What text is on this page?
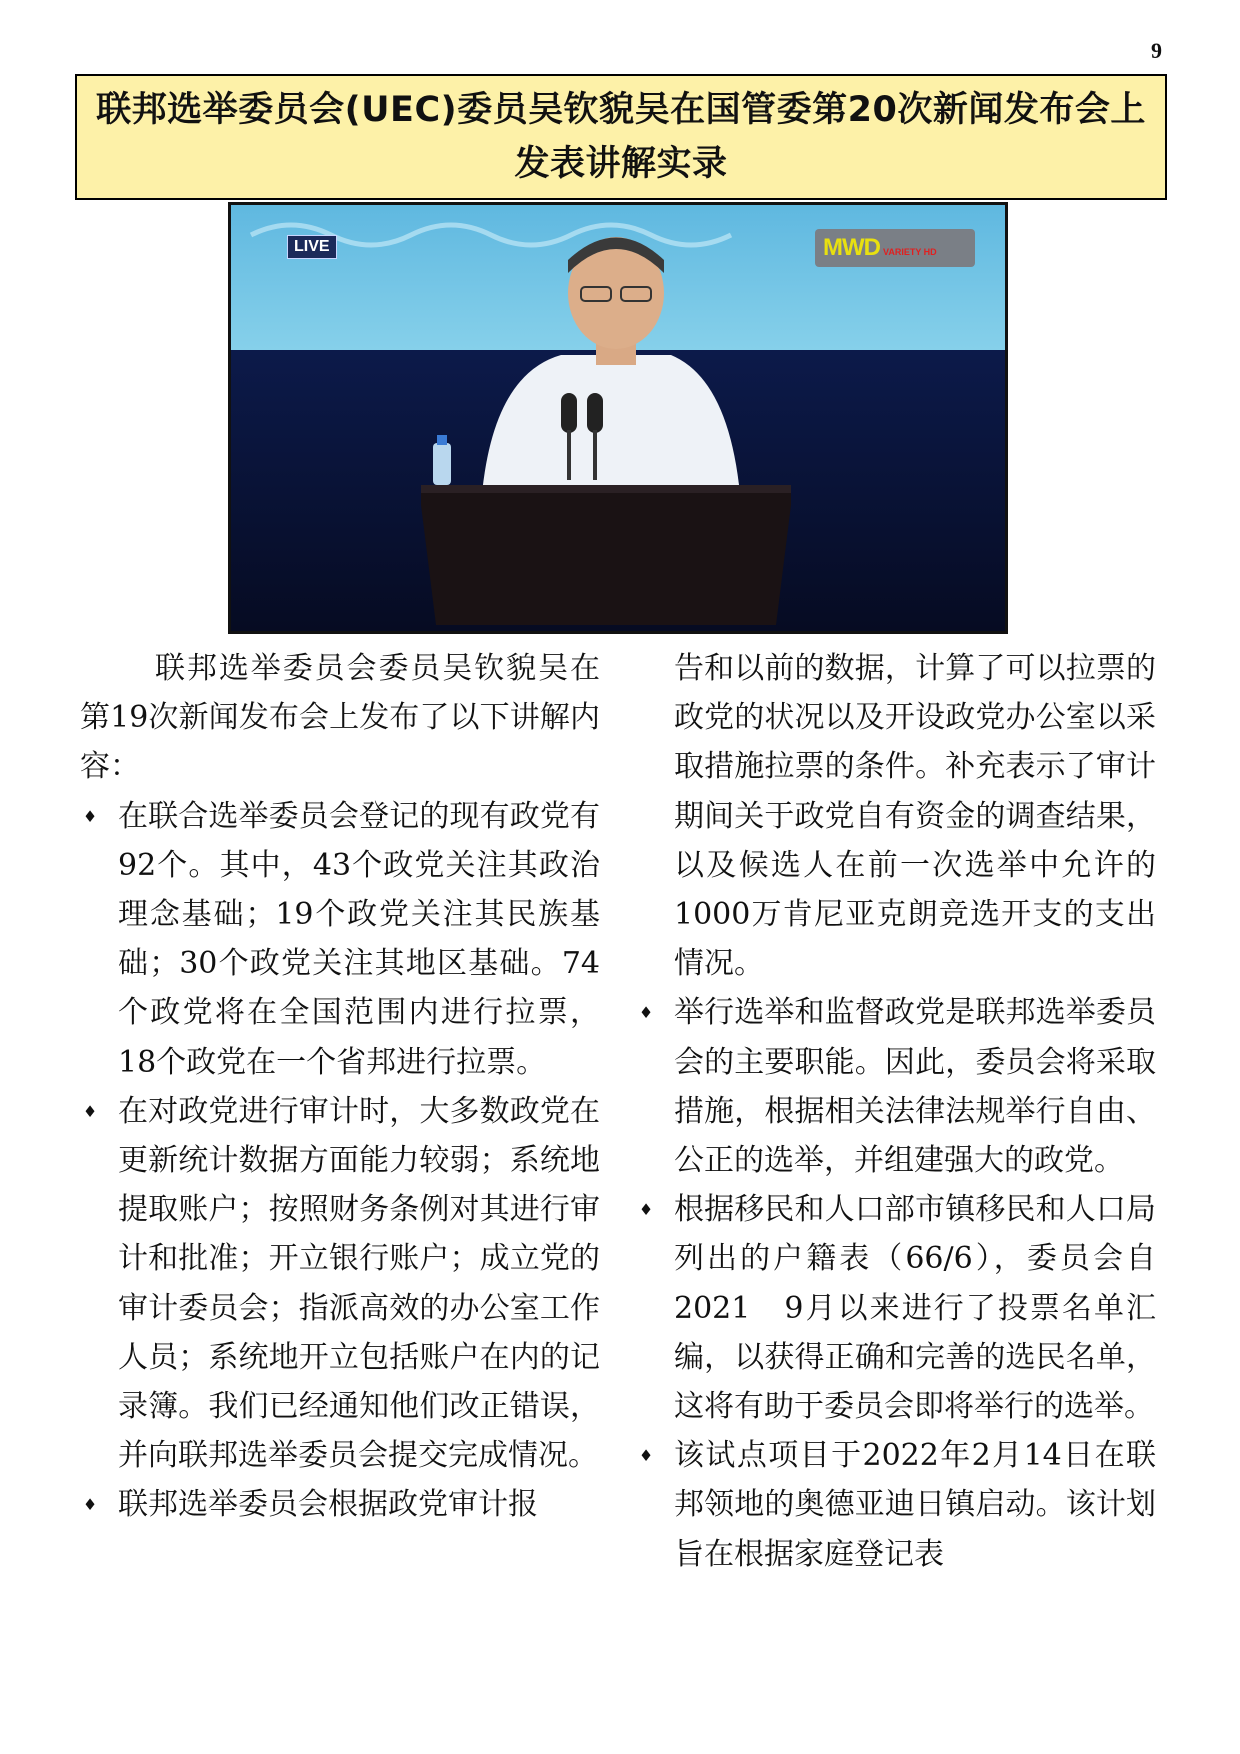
9
联邦选举委员会(UEC)委员吴钦貌吴在国管委第20次新闻发布会上发表讲解实录
LIVE	MWD VARIETY HD

联邦选举委员会委员吴钦貌吴在第19次新闻发布会上发布了以下讲解内容：

♦ 在联合选举委员会登记的现有政党有92个。其中，43个政党关注其政治理念基础；19个政党关注其民族基础；30个政党关注其地区基础。74个政党将在全国范围内进行拉票，18个政党在一个省邦进行拉票。
♦ 在对政党进行审计时，大多数政党在更新统计数据方面能力较弱；系统地提取账户；按照财务条例对其进行审计和批准；开立银行账户；成立党的审计委员会；指派高效的办公室工作人员；系统地开立包括账户在内的记录簿。我们已经通知他们改正错误，并向联邦选举委员会提交完成情况。
♦ 联邦选举委员会根据政党审计报

告和以前的数据，计算了可以拉票的政党的状况以及开设政党办公室以采取措施拉票的条件。补充表示了审计期间关于政党自有资金的调查结果，以及候选人在前一次选举中允许的1000万肯尼亚克朗竞选开支的支出情况。

♦ 举行选举和监督政党是联邦选举委员会的主要职能。因此，委员会将采取措施，根据相关法律法规举行自由、公正的选举，并组建强大的政党。
♦ 根据移民和人口部市镇移民和人口局列出的户籍表（66/6），委员会自2021　9月以来进行了投票名单汇编，以获得正确和完善的选民名单，这将有助于委员会即将举行的选举。
♦ 该试点项目于2022年2月14日在联邦领地的奥德亚迪日镇启动。该计划旨在根据家庭登记表
